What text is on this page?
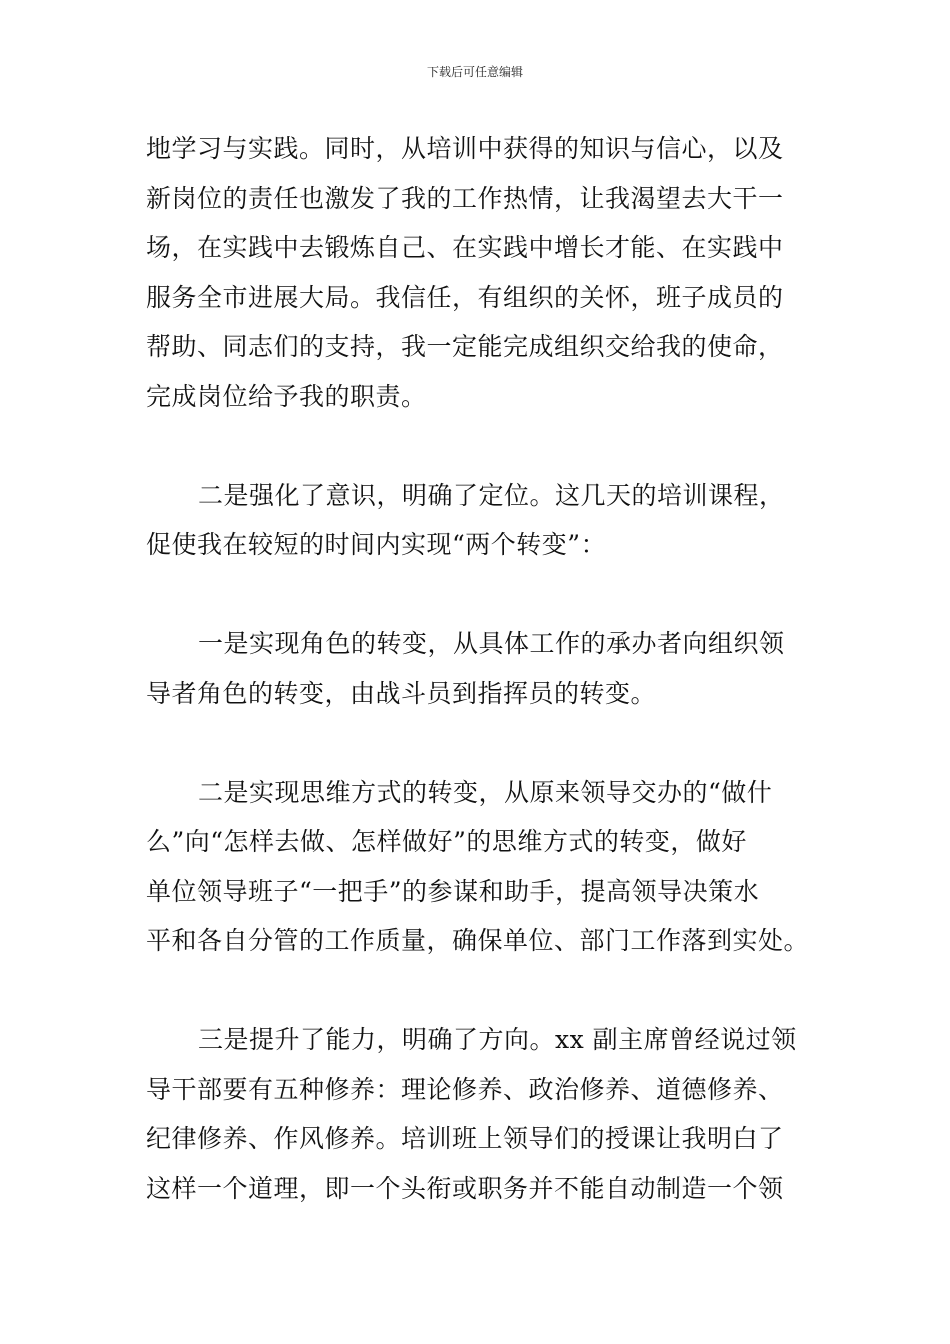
下载后可任意编辑
地学习与实践。同时，从培训中获得的知识与信心，以及
新岗位的责任也激发了我的工作热情，让我渴望去大干一
场，在实践中去锻炼自己、在实践中增长才能、在实践中
服务全市进展大局。我信任，有组织的关怀，班子成员的
帮助、同志们的支持，我一定能完成组织交给我的使命，
完成岗位给予我的职责。
二是强化了意识，明确了定位。这几天的培训课程，
促使我在较短的时间内实现“两个转变”：
一是实现角色的转变，从具体工作的承办者向组织领
导者角色的转变，由战斗员到指挥员的转变。
二是实现思维方式的转变，从原来领导交办的“做什
么”向“怎样去做、怎样做好”的思维方式的转变，做好
单位领导班子“一把手”的参谋和助手，提高领导决策水
平和各自分管的工作质量，确保单位、部门工作落到实处。
三是提升了能力，明确了方向。xx 副主席曾经说过领
导干部要有五种修养：理论修养、政治修养、道德修养、
纪律修养、作风修养。培训班上领导们的授课让我明白了
这样一个道理，即一个头衔或职务并不能自动制造一个领
